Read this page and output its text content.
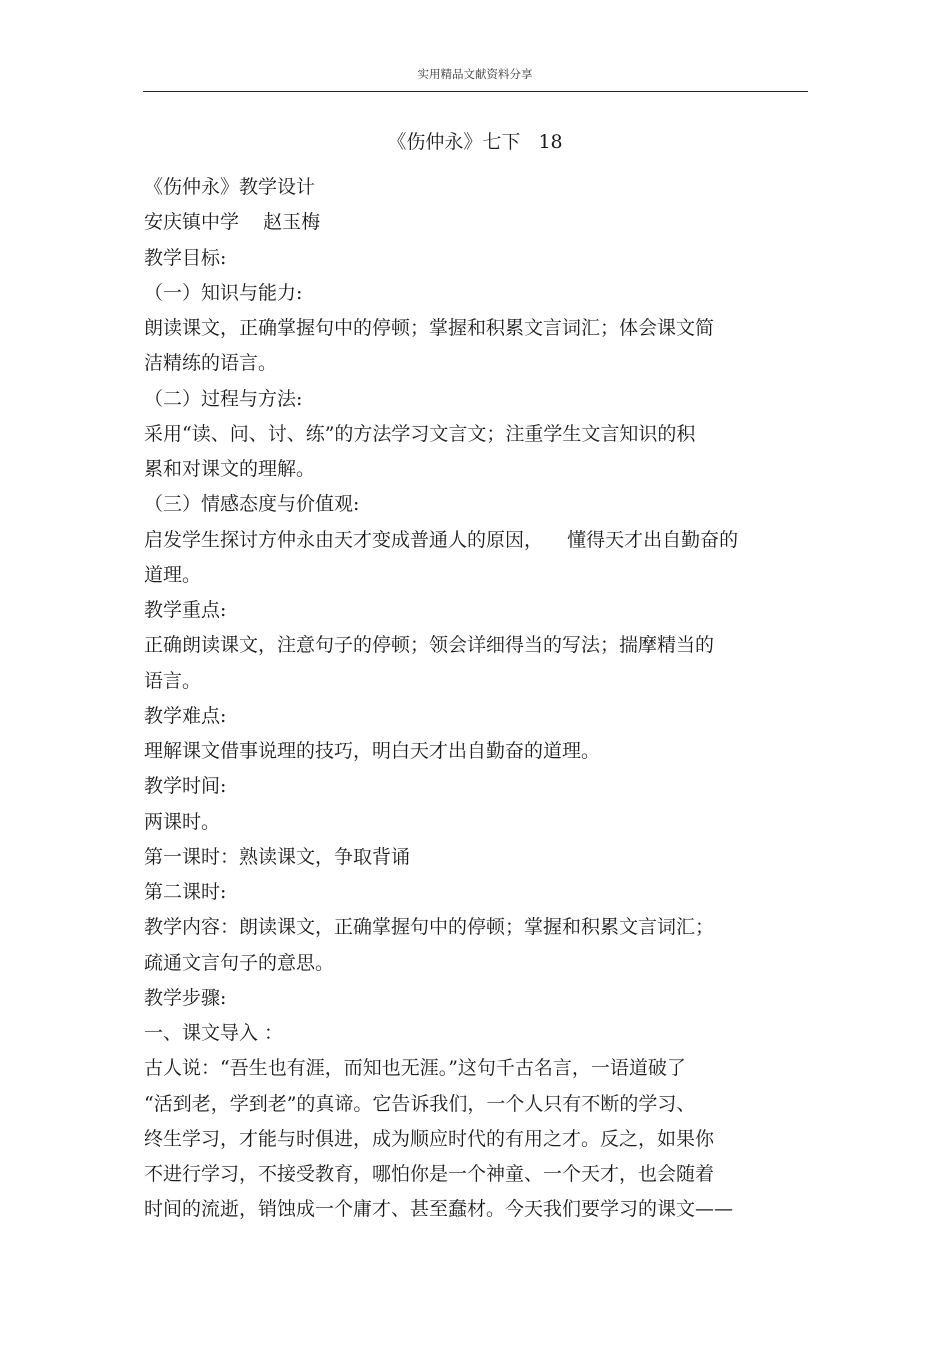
实用精品文献资料分享
《伤仲永》七下   18
《伤仲永》教学设计
安庆镇中学    赵玉梅
教学目标:
（一）知识与能力:
朗读课文，正确掌握句中的停顿；掌握和积累文言词汇；体会课文简
洁精练的语言。
（二）过程与方法:
采用“读、问、讨、练”的方法学习文言文；注重学生文言知识的积
累和对课文的理解。
（三）情感态度与价值观:
启发学生探讨方仲永由天才变成普通人的原因，    懂得天才出自勤奋的
道理。
教学重点:
正确朗读课文，注意句子的停顿；领会详细得当的写法；揣摩精当的
语言。
教学难点:
理解课文借事说理的技巧，明白天才出自勤奋的道理。
教学时间:
两课时。
第一课时：熟读课文，争取背诵
第二课时:
教学内容：朗读课文，正确掌握句中的停顿；掌握和积累文言词汇；
疏通文言句子的意思。
教学步骤:
一、课文导入 ：
古人说：“吾生也有涯，而知也无涯。”这句千古名言，一语道破了
“活到老，学到老”的真谛。它告诉我们，一个人只有不断的学习、
终生学习，才能与时俱进，成为顺应时代的有用之才。反之，如果你
不进行学习，不接受教育，哪怕你是一个神童、一个天才，也会随着
时间的流逝，销蚀成一个庸才、甚至蠢材。今天我们要学习的课文——
